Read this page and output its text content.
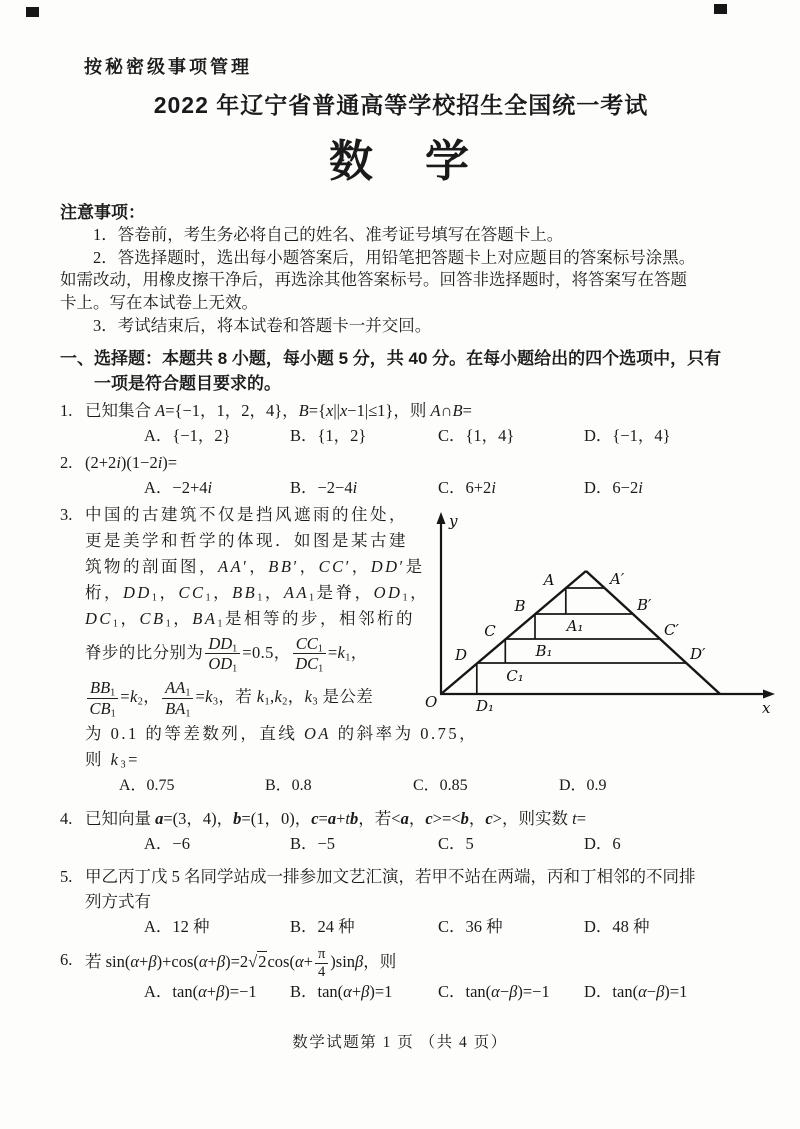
按秘密级事项管理
2022 年辽宁省普通高等学校招生全国统一考试
数　学
注意事项：
1．答卷前，考生务必将自己的姓名、准考证号填写在答题卡上。
2．答选择题时，选出每小题答案后，用铅笔把答题卡上对应题目的答案标号涂黑。
如需改动，用橡皮擦干净后，再选涂其他答案标号。回答非选择题时，将答案写在答题
卡上。写在本试卷上无效。
3．考试结束后，将本试卷和答题卡一并交回。
一、选择题：本题共 8 小题，每小题 5 分，共 40 分。在每小题给出的四个选项中，只有
一项是符合题目要求的。
1. 已知集合 A={−1，1，2，4}，B={x||x−1|≤1}，则 A∩B=
A．{−1，2}	B．{1，2}	C．{1，4}	D．{−1，4}
2. (2+2i)(1−2i)=
A．−2+4i	B．−2−4i	C．6+2i	D．6−2i
3. 中国的古建筑不仅是挡风遮雨的住处，
更是美学和哲学的体现．如图是某古建
筑物的剖面图，AA′，BB′，CC′，DD′是
桁，$DD_1$，$CC_1$，$BB_1$，$AA_1$是脊，$OD_1$，
$DC_1$，$CB_1$，$BA_1$是相等的步，相邻桁的
脊步的比分别为 $\frac{DD_1}{OD_1} =0.5$， $\frac{CC_1}{DC_1} =k_1$，
$\frac{BB_1}{CB_1} =k_2$， $\frac{AA_1}{BA_1} =k_3$，若 $k_1,k_2$，$k_3$ 是公差
为 0.1 的等差数列，直线 OA 的斜率为 0.75，
则 $k_3=$
y
x
O
A	A′
B	B′
C	C′
D	D′
A₁
B₁
C₁
D₁
A．0.75	B．0.8	C．0.85	D．0.9
4. 已知向量 a=(3，4)，b=(1，0)，c=a+tb，若<a，c>=<b，c>，则实数 t=
A．−6	B．−5	C．5	D．6
5. 甲乙丙丁戊 5 名同学站成一排参加文艺汇演，若甲不站在两端，丙和丁相邻的不同排
列方式有
A．12 种	B．24 种	C．36 种	D．48 种
6. 若 $\sin(\alpha+\beta)+\cos(\alpha+\beta)=2√2\cos(\alpha+ \frac{\pi}{4} )\sin\beta$，则
A．tan(α+β)=−1	B．tan(α+β)=1	C．tan(α−β)=−1	D．tan(α−β)=1
数学试题第 1 页 （共 4 页）
